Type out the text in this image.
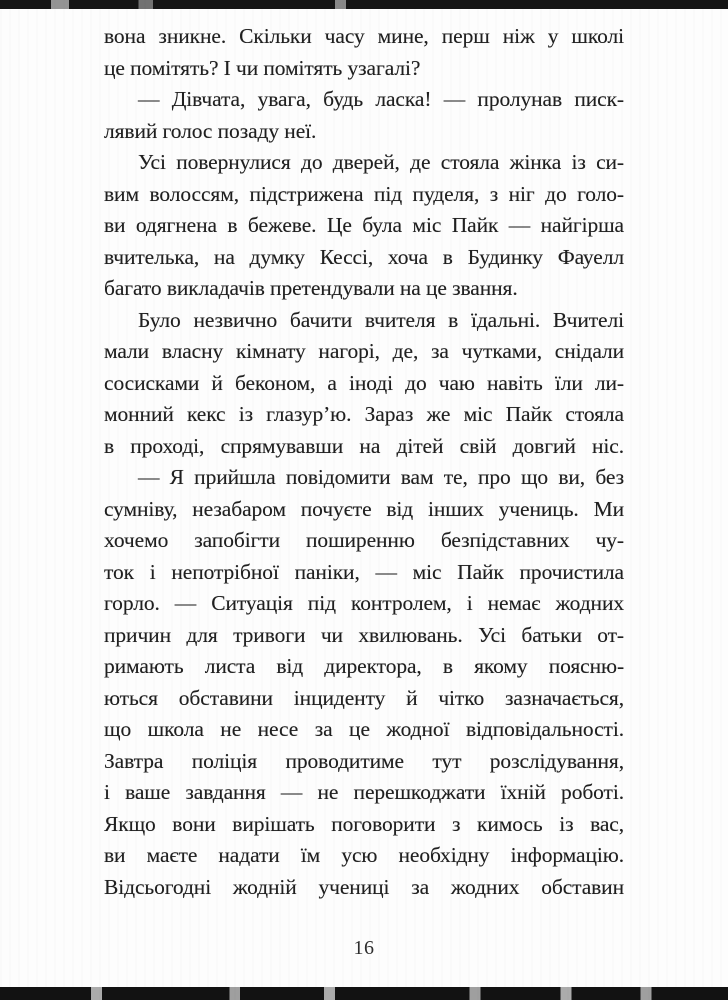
вона зникне. Скільки часу мине, перш ніж у школі
це помітять? І чи помітять узагалі?
— Дівчата, увага, будь ласка! — пролунав писк-
лявий голос позаду неї.
Усі повернулися до дверей, де стояла жінка із си-
вим волоссям, підстрижена під пуделя, з ніг до голо-
ви одягнена в бежеве. Це була міс Пайк — найгірша
вчителька, на думку Кессі, хоча в Будинку Фауелл
багато викладачів претендували на це звання.
Було незвично бачити вчителя в їдальні. Вчителі
мали власну кімнату нагорі, де, за чутками, снідали
сосисками й беконом, а іноді до чаю навіть їли ли-
монний кекс із глазур’ю. Зараз же міс Пайк стояла
в проході, спрямувавши на дітей свій довгий ніс.
— Я прийшла повідомити вам те, про що ви, без
сумніву, незабаром почуєте від інших учениць. Ми
хочемо запобігти поширенню безпідставних чу-
ток і непотрібної паніки, — міс Пайк прочистила
горло. — Ситуація під контролем, і немає жодних
причин для тривоги чи хвилювань. Усі батьки от-
римають листа від директора, в якому поясню-
ються обставини інциденту й чітко зазначається,
що школа не несе за це жодної відповідальності.
Завтра поліція проводитиме тут розслідування,
і ваше завдання — не перешкоджати їхній роботі.
Якщо вони вирішать поговорити з кимось із вас,
ви маєте надати їм усю необхідну інформацію.
Відсьогодні жодній учениці за жодних обставин
16
